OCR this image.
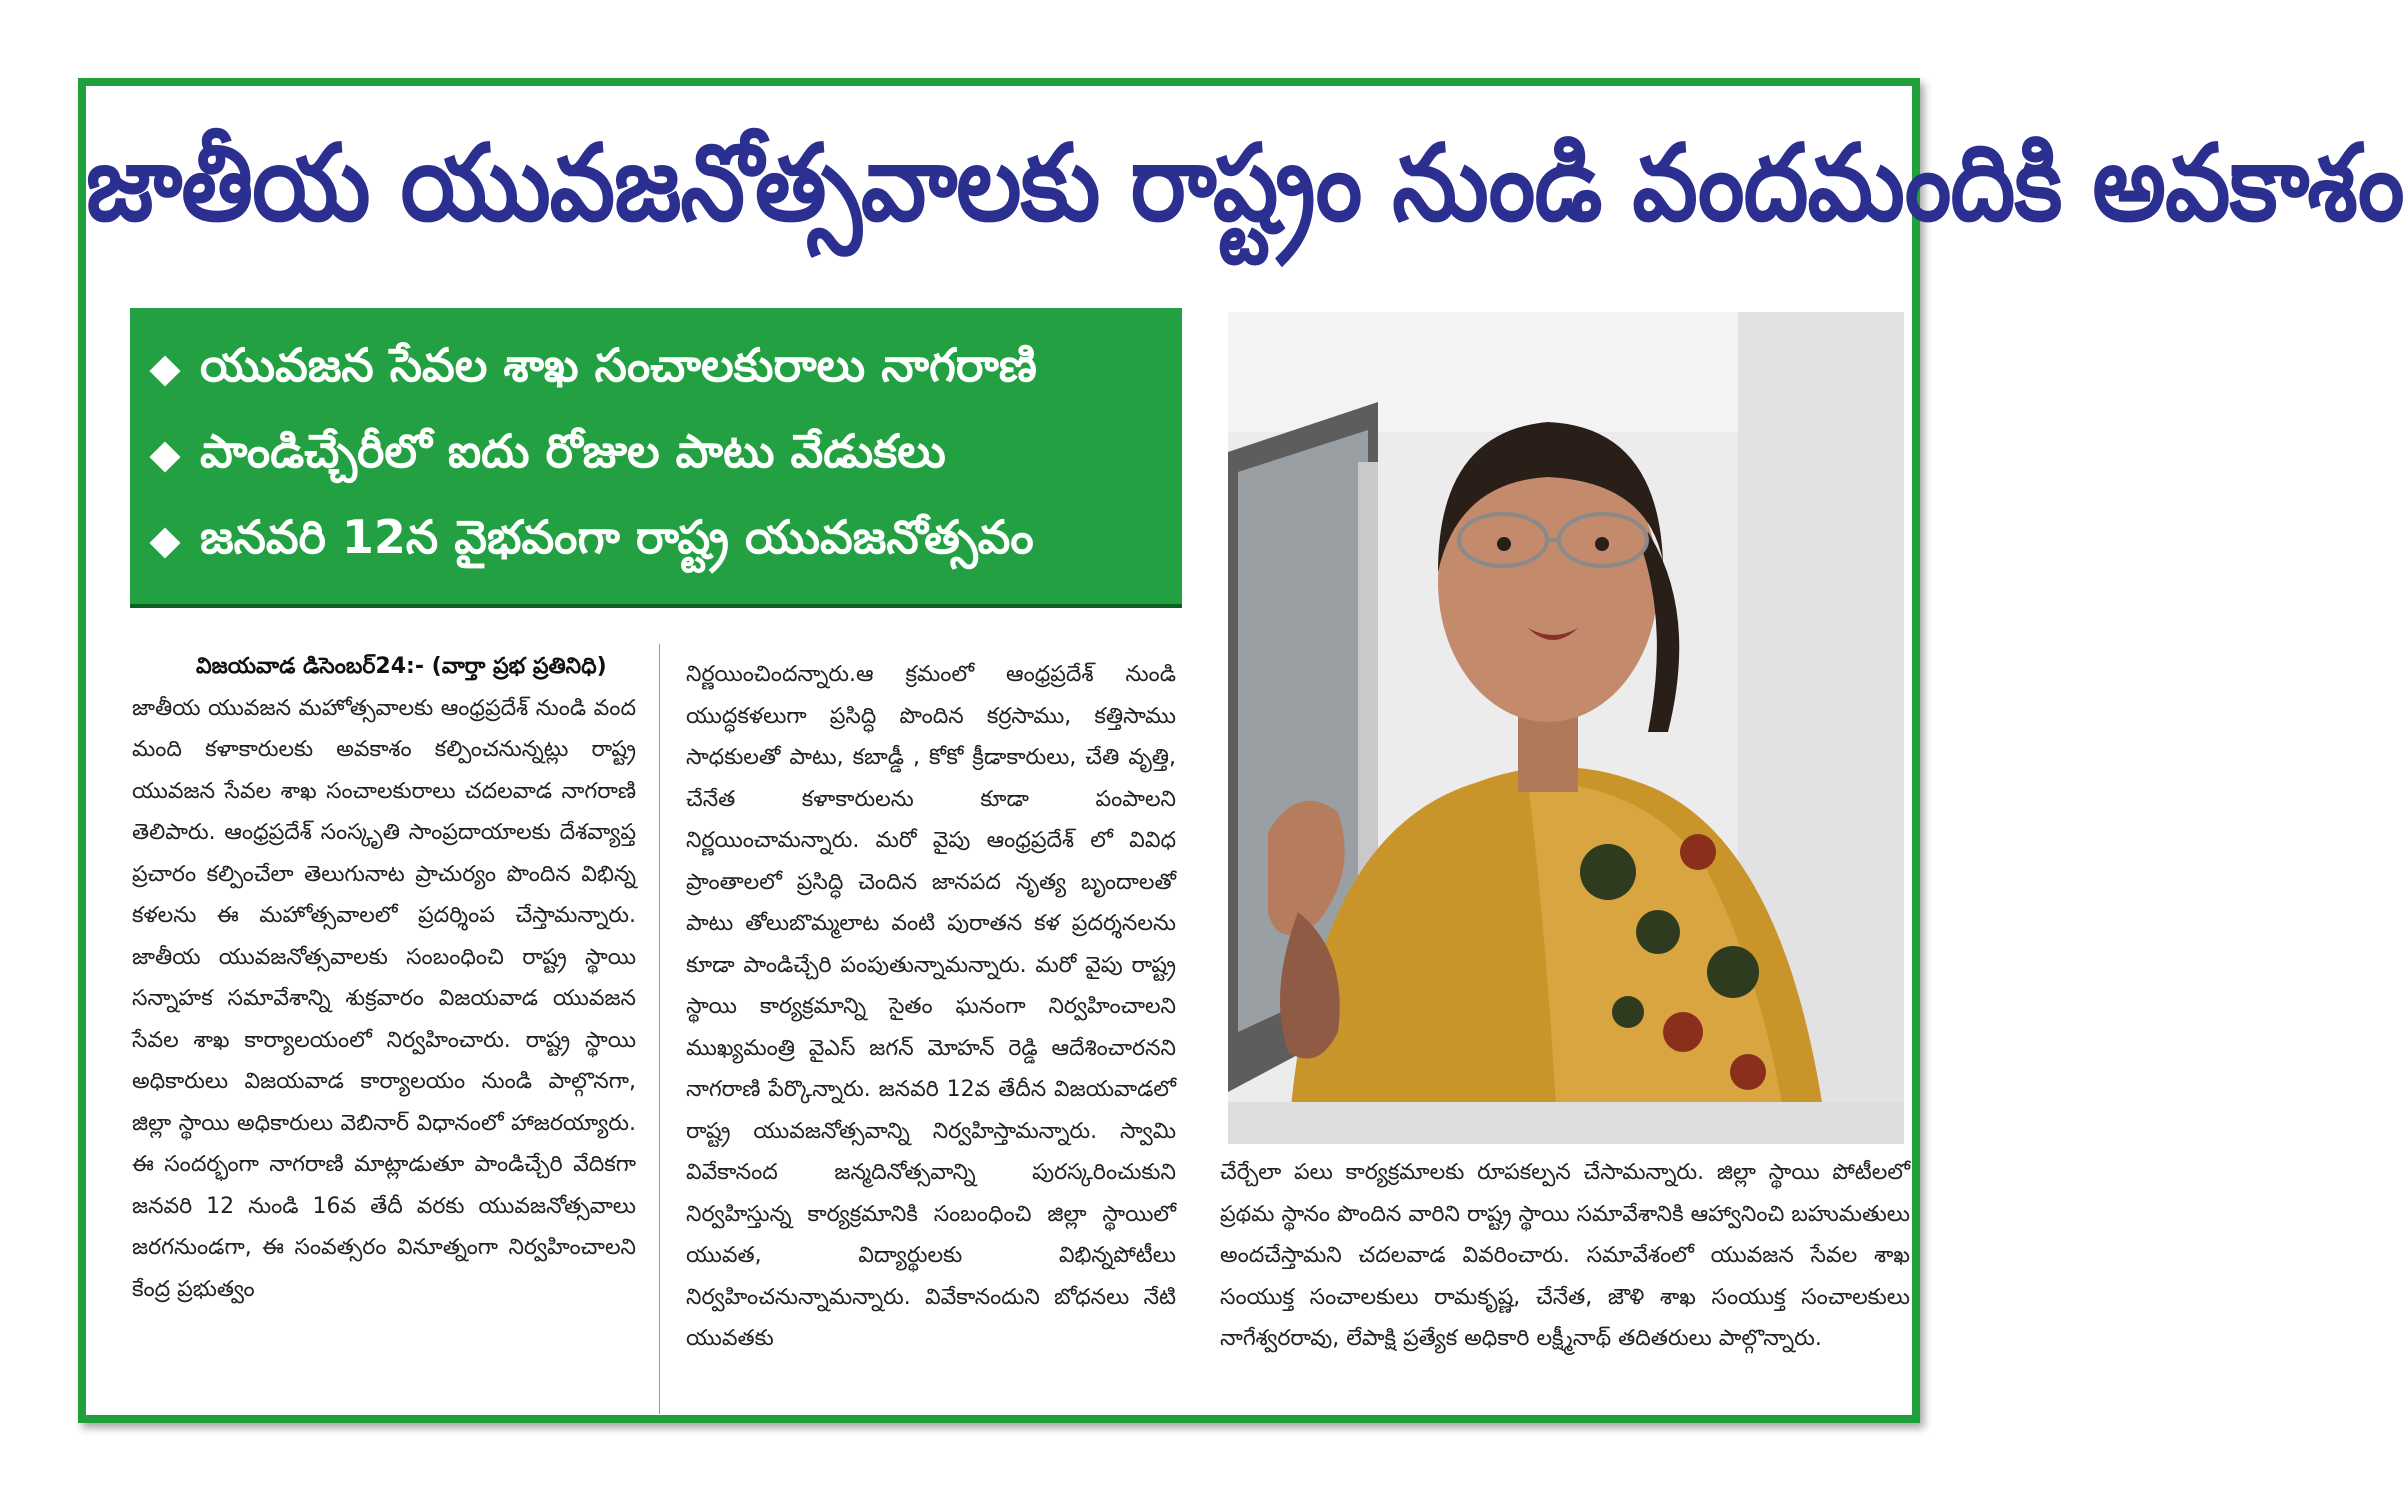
జాతీయ యువజనోత్సవాలకు రాష్ట్రం నుండి వందమందికి అవకాశం
యువజన సేవల శాఖ సంచాలకురాలు నాగరాణి
పాండిచ్చేరీలో ఐదు రోజుల పాటు వేడుకలు
జనవరి 12న వైభవంగా రాష్ట్ర యువజనోత్సవం

విజయవాడ డిసెంబర్24:- (వార్తా ప్రభ ప్రతినిధి)
జాతీయ యువజన మహోత్సవాలకు ఆంధ్రప్రదేశ్ నుండి వంద మంది కళాకారులకు అవకాశం కల్పించనున్నట్లు రాష్ట్ర యువజన సేవల శాఖ సంచాలకురాలు చదలవాడ నాగరాణి తెలిపారు. ఆంధ్రప్రదేశ్ సంస్కృతి సాంప్రదాయాలకు దేశవ్యాప్త ప్రచారం కల్పించేలా తెలుగునాట ప్రాచుర్యం పొందిన విభిన్న కళలను ఈ మహోత్సవాలలో ప్రదర్శింప చేస్తామన్నారు. జాతీయ యువజనోత్సవాలకు సంబంధించి రాష్ట్ర స్థాయి సన్నాహక సమావేశాన్ని శుక్రవారం విజయవాడ యువజన సేవల శాఖ కార్యాలయంలో నిర్వహించారు. రాష్ట్ర స్థాయి అధికారులు విజయవాడ కార్యాలయం నుండి పాల్గొనగా, జిల్లా స్థాయి అధికారులు వెబినార్ విధానంలో హాజరయ్యారు. ఈ సందర్భంగా నాగరాణి మాట్లాడుతూ పాండిచ్చేరి వేదికగా జనవరి 12 నుండి 16వ తేదీ వరకు యువజనోత్సవాలు జరగనుండగా, ఈ సంవత్సరం వినూత్నంగా నిర్వహించాలని కేంద్ర ప్రభుత్వం

నిర్ణయించిందన్నారు.ఆ క్రమంలో ఆంధ్రప్రదేశ్ నుండి యుద్ధకళలుగా ప్రసిద్ధి పొందిన కర్రసాము, కత్తిసాము సాధకులతో పాటు, కబాడ్డీ , కోకో క్రీడాకారులు, చేతి వృత్తి, చేనేత కళాకారులను కూడా పంపాలని నిర్ణయించామన్నారు. మరో వైపు ఆంధ్రప్రదేశ్ లో వివిధ ప్రాంతాలలో ప్రసిద్ధి చెందిన జానపద నృత్య బృందాలతో పాటు తోలుబొమ్మలాట వంటి పురాతన కళ ప్రదర్శనలను కూడా పాండిచ్చేరి పంపుతున్నామన్నారు. మరో వైపు రాష్ట్ర స్థాయి కార్యక్రమాన్ని సైతం ఘనంగా నిర్వహించాలని ముఖ్యమంత్రి వైఎస్ జగన్ మోహన్ రెడ్డి ఆదేశించారనని నాగరాణి పేర్కొన్నారు. జనవరి 12వ తేదీన విజయవాడలో రాష్ట్ర యువజనోత్సవాన్ని నిర్వహిస్తామన్నారు. స్వామి వివేకానంద జన్మదినోత్సవాన్ని పురస్కరించుకుని నిర్వహిస్తున్న కార్యక్రమానికి సంబంధించి జిల్లా స్థాయిలో యువత, విద్యార్థులకు విభిన్నపోటీలు నిర్వహించనున్నామన్నారు. వివేకానందుని బోధనలు నేటి యువతకు

చేర్చేలా పలు కార్యక్రమాలకు రూపకల్పన చేసామన్నారు. జిల్లా స్థాయి పోటీలలో ప్రథమ స్థానం పొందిన వారిని రాష్ట్ర స్థాయి సమావేశానికి ఆహ్వానించి బహుమతులు అందచేస్తామని చదలవాడ వివరించారు. సమావేశంలో యువజన సేవల శాఖ సంయుక్త సంచాలకులు రామకృష్ణ, చేనేత, జౌళి శాఖ సంయుక్త సంచాలకులు నాగేశ్వరరావు, లేపాక్షి ప్రత్యేక అధికారి లక్ష్మీనాథ్ తదితరులు పాల్గొన్నారు.
